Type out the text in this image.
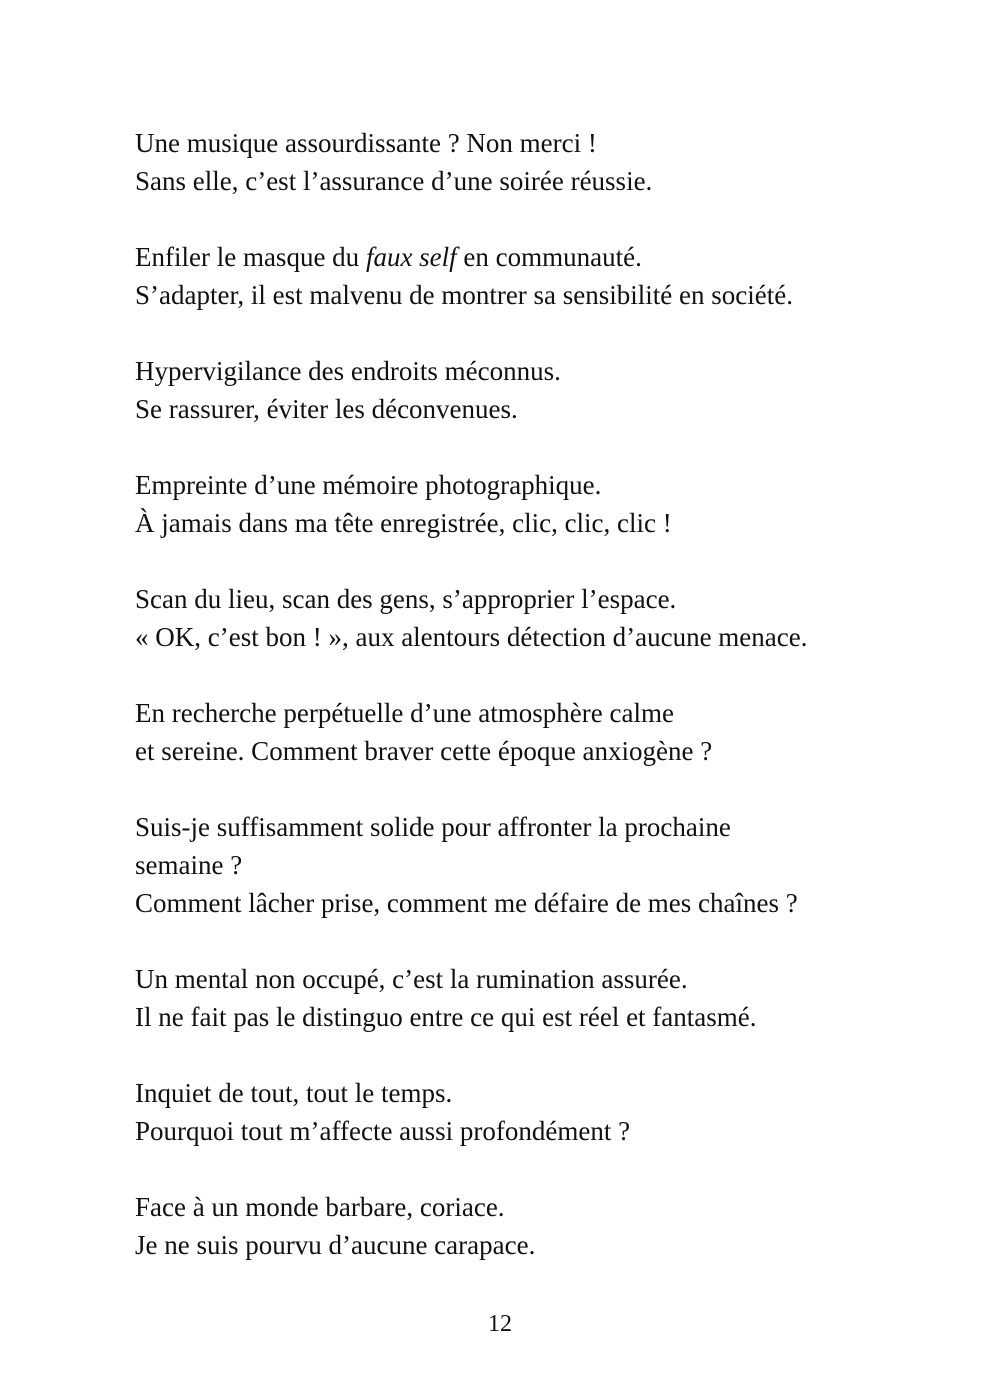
Une musique assourdissante ? Non merci !
Sans elle, c’est l’assurance d’une soirée réussie.
Enfiler le masque du faux self en communauté.
S’adapter, il est malvenu de montrer sa sensibilité en société.
Hypervigilance des endroits méconnus.
Se rassurer, éviter les déconvenues.
Empreinte d’une mémoire photographique.
À jamais dans ma tête enregistrée, clic, clic, clic !
Scan du lieu, scan des gens, s’approprier l’espace.
« OK, c’est bon ! », aux alentours détection d’aucune menace.
En recherche perpétuelle d’une atmosphère calme
et sereine. Comment braver cette époque anxiogène ?
Suis-je suffisamment solide pour affronter la prochaine
semaine ?
Comment lâcher prise, comment me défaire de mes chaînes ?
Un mental non occupé, c’est la rumination assurée.
Il ne fait pas le distinguo entre ce qui est réel et fantasmé.
Inquiet de tout, tout le temps.
Pourquoi tout m’affecte aussi profondément ?
Face à un monde barbare, coriace.
Je ne suis pourvu d’aucune carapace.
12
